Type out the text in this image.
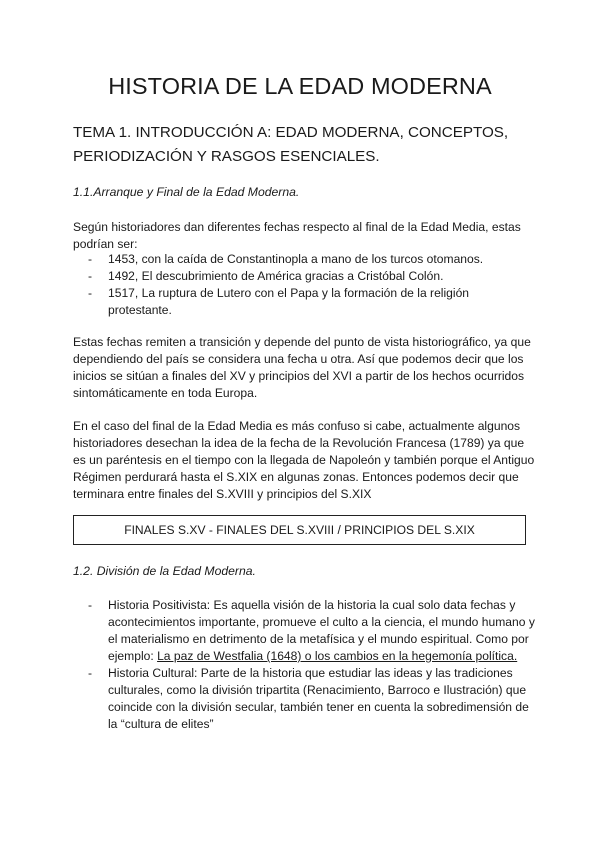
HISTORIA DE LA EDAD MODERNA
TEMA 1. INTRODUCCIÓN A: EDAD MODERNA, CONCEPTOS, PERIODIZACIÓN Y RASGOS ESENCIALES.
1.1.Arranque y Final de la Edad Moderna.

Según historiadores dan diferentes fechas respecto al final de la Edad Media, estas podrían ser:

- 1453, con la caída de Constantinopla a mano de los turcos otomanos.
- 1492, El descubrimiento de América gracias a Cristóbal Colón.
- 1517, La ruptura de Lutero con el Papa y la formación de la religión protestante.

Estas fechas remiten a transición y depende del punto de vista historiográfico, ya que dependiendo del país se considera una fecha u otra. Así que podemos decir que los inicios se sitúan a finales del XV y principios del XVI a partir de los hechos ocurridos sintomáticamente en toda Europa.

En el caso del final de la Edad Media es más confuso si cabe, actualmente algunos historiadores desechan la idea de la fecha de la Revolución Francesa (1789) ya que es un paréntesis en el tiempo con la llegada de Napoleón y también porque el Antiguo Régimen perdurará hasta el S.XIX en algunas zonas. Entonces podemos decir que terminara entre finales del S.XVIII y principios del S.XIX

FINALES S.XV - FINALES DEL S.XVIII / PRINCIPIOS DEL S.XIX
1.2. División de la Edad Moderna.
- Historia Positivista: Es aquella visión de la historia la cual solo data fechas y acontecimientos importante, promueve el culto a la ciencia, el mundo humano y el materialismo en detrimento de la metafísica y el mundo espiritual. Como por ejemplo: La paz de Westfalia (1648) o los cambios en la hegemonía política.
- Historia Cultural: Parte de la historia que estudiar las ideas y las tradiciones culturales, como la división tripartita (Renacimiento, Barroco e Ilustración) que coincide con la división secular, también tener en cuenta la sobredimensión de la “cultura de elites”
